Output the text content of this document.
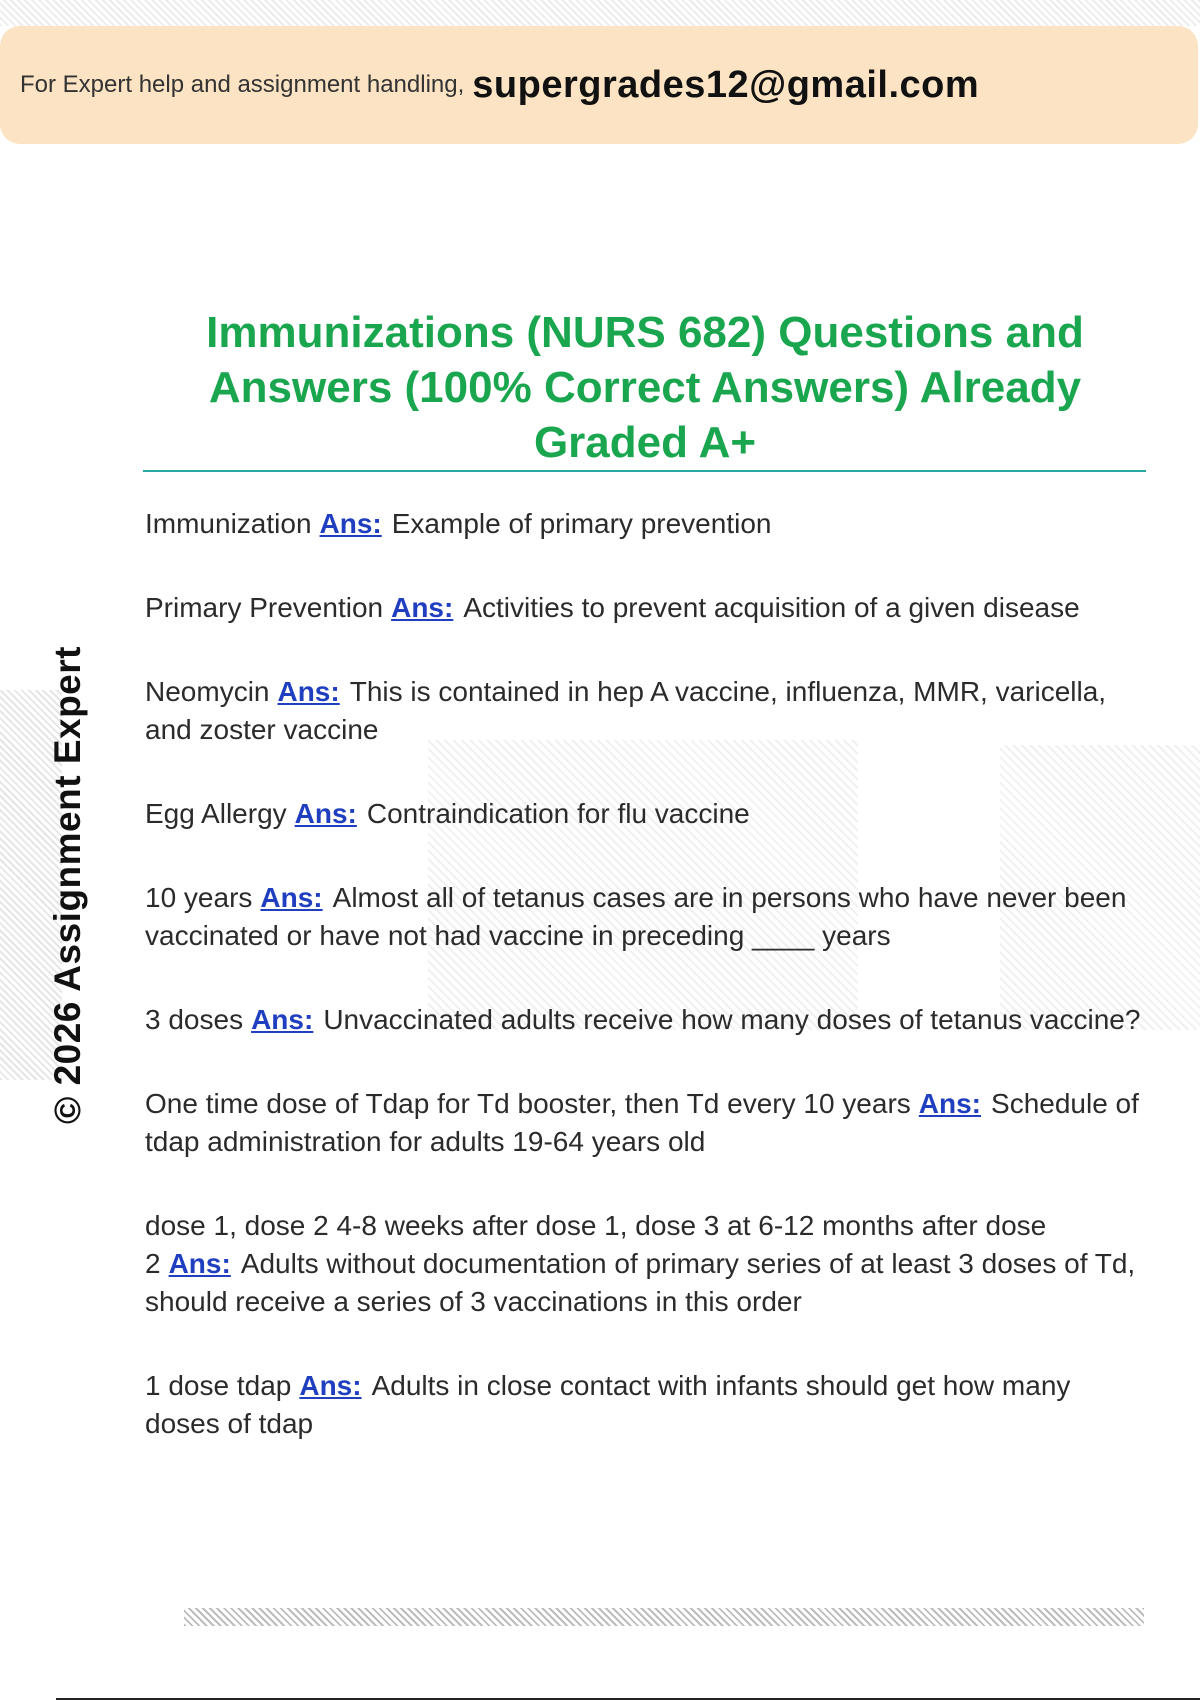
For Expert help and assignment handling, supergrades12@gmail.com
© 2026 Assignment Expert
Immunizations (NURS 682) Questions and Answers (100% Correct Answers) Already Graded A+
Immunization Ans: Example of primary prevention
Primary Prevention Ans: Activities to prevent acquisition of a given disease
Neomycin Ans: This is contained in hep A vaccine, influenza, MMR, varicella, and zoster vaccine
Egg Allergy Ans: Contraindication for flu vaccine
10 years Ans: Almost all of tetanus cases are in persons who have never been vaccinated or have not had vaccine in preceding ____ years
3 doses Ans: Unvaccinated adults receive how many doses of tetanus vaccine?
One time dose of Tdap for Td booster, then Td every 10 years Ans: Schedule of tdap administration for adults 19-64 years old
dose 1, dose 2 4-8 weeks after dose 1, dose 3 at 6-12 months after dose 2 Ans: Adults without documentation of primary series of at least 3 doses of Td, should receive a series of 3 vaccinations in this order
1 dose tdap Ans: Adults in close contact with infants should get how many doses of tdap
